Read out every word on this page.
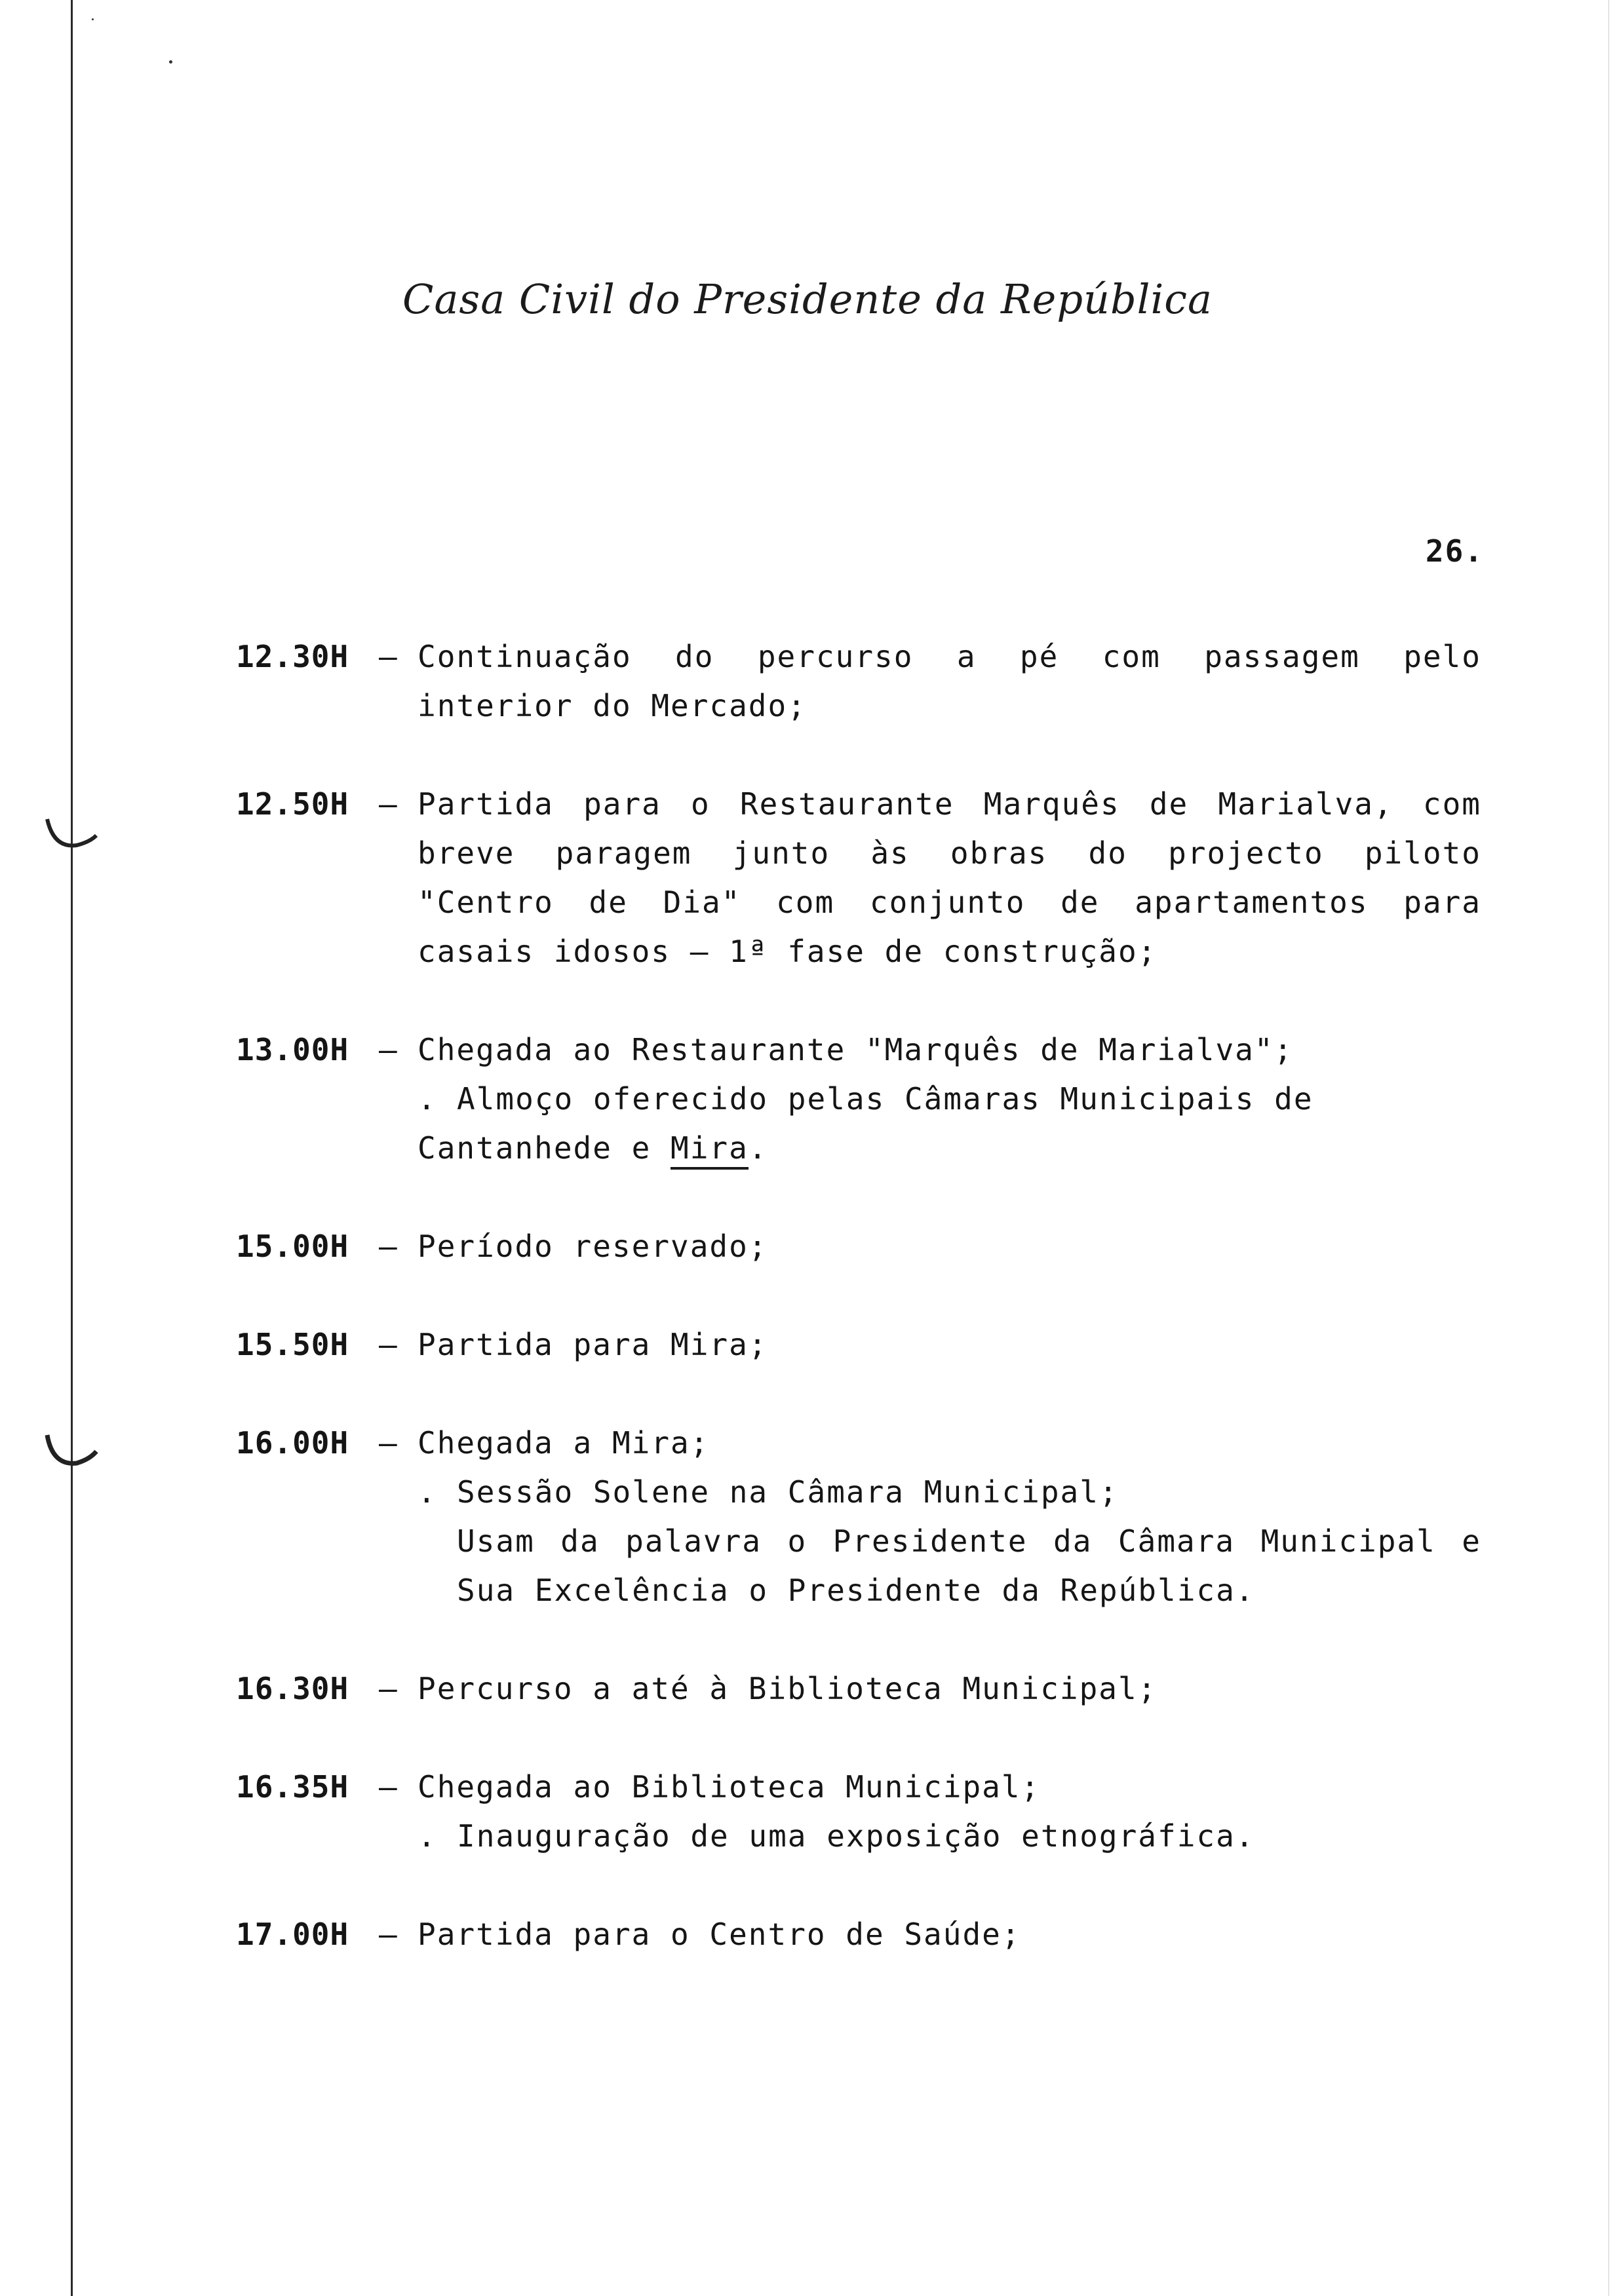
Casa Civil do Presidente da República
26.
12.30H – Continuação do percurso a pé com passagem pelo interior do Mercado;
12.50H – Partida para o Restaurante Marquês de Marialva, com breve paragem junto às obras do projecto piloto "Centro de Dia" com conjunto de apartamentos para casais idosos – 1ª fase de construção;
13.00H – Chegada ao Restaurante "Marquês de Marialva";
. Almoço oferecido pelas Câmaras Municipais de Cantanhede e Mira.
15.00H – Período reservado;
15.50H – Partida para Mira;
16.00H – Chegada a Mira;
. Sessão Solene na Câmara Municipal;
Usam da palavra o Presidente da Câmara Municipal e Sua Excelência o Presidente da República.
16.30H – Percurso a até à Biblioteca Municipal;
16.35H – Chegada ao Biblioteca Municipal;
. Inauguração de uma exposição etnográfica.
17.00H – Partida para o Centro de Saúde;
